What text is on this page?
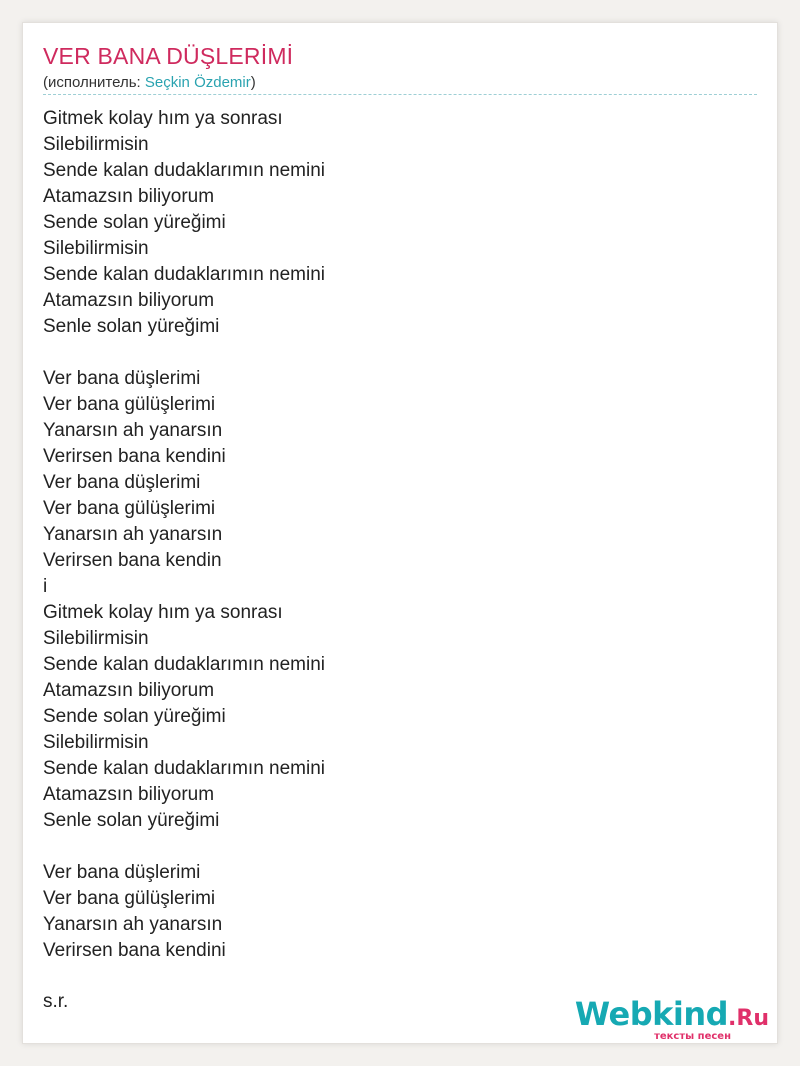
VER BANA DÜŞLERİMİ
(исполнитель: Seçkin Özdemir)
Gitmek kolay hım ya sonrası
Silebilirmisin
Sende kalan dudaklarımın nemini
Atamazsın biliyorum
Sende solan yüreğimi
Silebilirmisin
Sende kalan dudaklarımın nemini
Atamazsın biliyorum
Senle solan yüreğimi
Ver bana düşlerimi
Ver bana gülüşlerimi
Yanarsın ah yanarsın
Verirsen bana kendini
Ver bana düşlerimi
Ver bana gülüşlerimi
Yanarsın ah yanarsın
Verirsen bana kendin
i
Gitmek kolay hım ya sonrası
Silebilirmisin
Sende kalan dudaklarımın nemini
Atamazsın biliyorum
Sende solan yüreğimi
Silebilirmisin
Sende kalan dudaklarımın nemini
Atamazsın biliyorum
Senle solan yüreğimi
Ver bana düşlerimi
Ver bana gülüşlerimi
Yanarsın ah yanarsın
Verirsen bana kendini
s.r.	Webkind.Ru
тексты песен
